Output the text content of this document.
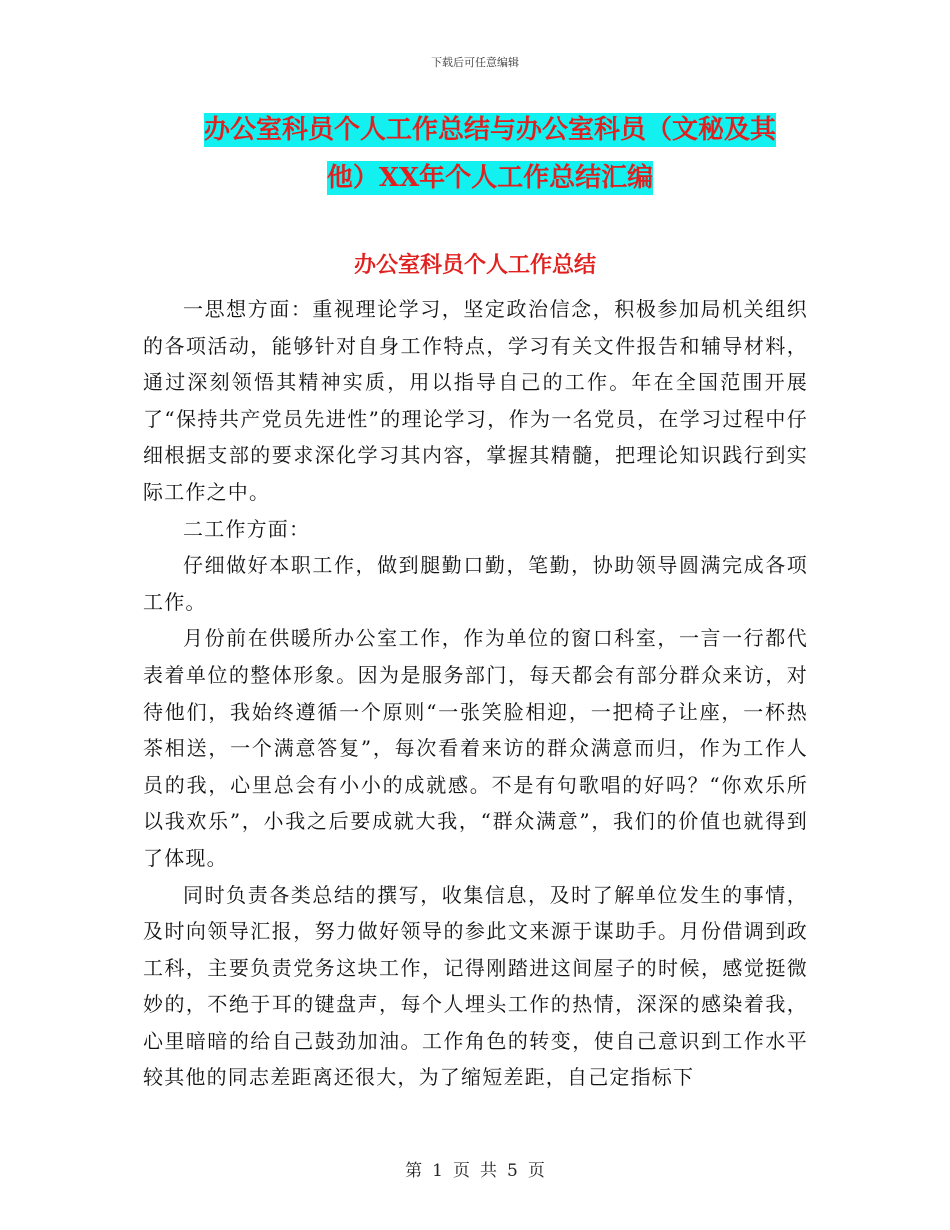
下载后可任意编辑
办公室科员个人工作总结与办公室科员（文秘及其
他）XX年个人工作总结汇编
办公室科员个人工作总结

一思想方面：重视理论学习，坚定政治信念，积极参加局机关组织的各项活动，能够针对自身工作特点，学习有关文件报告和辅导材料，通过深刻领悟其精神实质，用以指导自己的工作。年在全国范围开展了“保持共产党员先进性”的理论学习，作为一名党员，在学习过程中仔细根据支部的要求深化学习其内容，掌握其精髓，把理论知识践行到实际工作之中。

二工作方面：

仔细做好本职工作，做到腿勤口勤，笔勤，协助领导圆满完成各项工作。

月份前在供暖所办公室工作，作为单位的窗口科室，一言一行都代表着单位的整体形象。因为是服务部门，每天都会有部分群众来访，对待他们，我始终遵循一个原则“一张笑脸相迎，一把椅子让座，一杯热茶相送，一个满意答复”，每次看着来访的群众满意而归，作为工作人员的我，心里总会有小小的成就感。不是有句歌唱的好吗？“你欢乐所以我欢乐”，小我之后要成就大我，“群众满意”，我们的价值也就得到了体现。

同时负责各类总结的撰写，收集信息，及时了解单位发生的事情，及时向领导汇报，努力做好领导的参此文来源于谋助手。月份借调到政工科，主要负责党务这块工作，记得刚踏进这间屋子的时候，感觉挺微妙的，不绝于耳的键盘声，每个人埋头工作的热情，深深的感染着我，心里暗暗的给自己鼓劲加油。工作角色的转变，使自己意识到工作水平较其他的同志差距离还很大，为了缩短差距，自己定指标下

第 1 页 共 5 页
